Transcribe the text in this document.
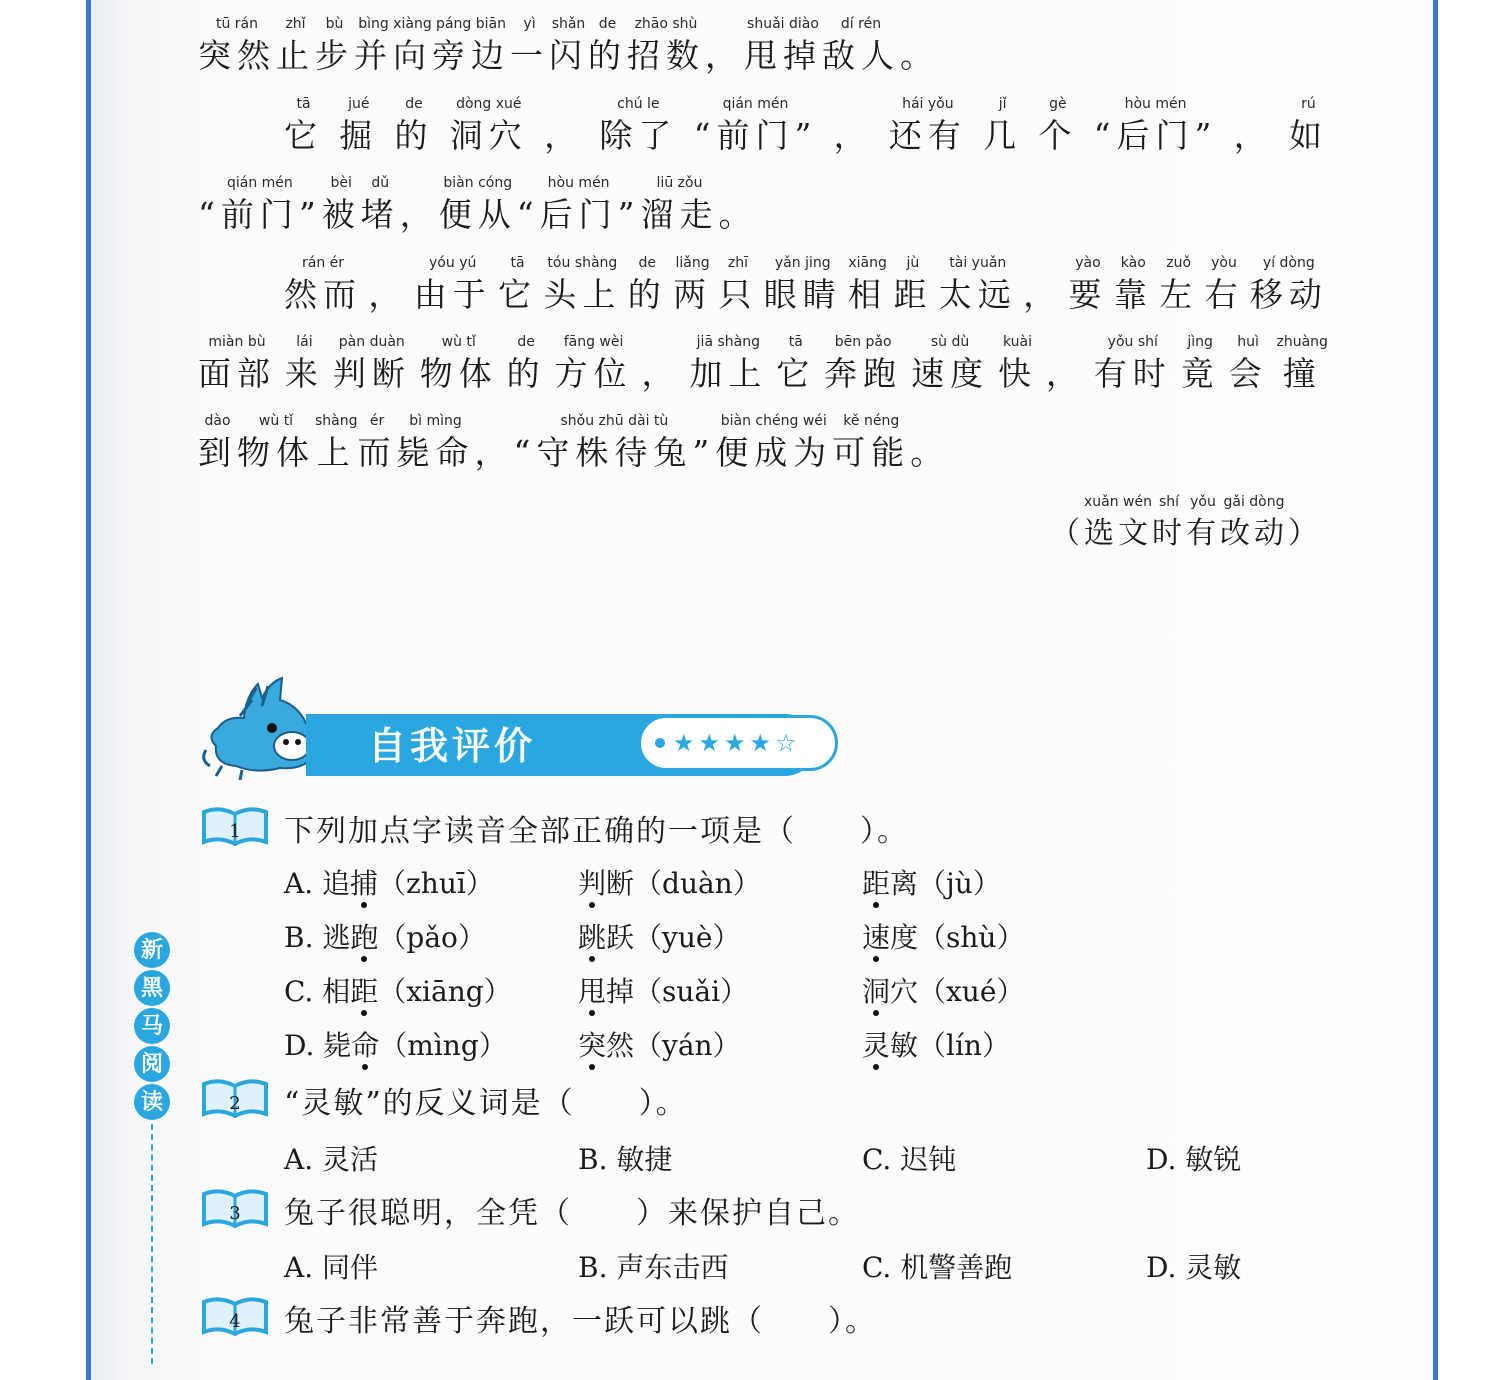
tū rán
突然
zhǐ
止
bù
步
bìng
并
xiàng
向
páng biān
旁边
yì
一
shǎn
闪
de
的
zhāo shù
招数 ，
shuǎi diào
甩掉
dí rén
敌人 。
tā
它
jué
掘
de
的
dòng xué
洞穴 ，
chú le
除了
qián mén
“前门” ，
hái yǒu
还有
jǐ
几
gè
个
hòu mén
“后门” ，
rú
如
qián mén
“前门”
bèi
被
dǔ
堵 ，
biàn cóng
便从
hòu mén
“后门”
liū zǒu
溜走 。
rán ér
然而 ，
yóu yú
由于
tā
它
tóu shàng
头上
de
的
liǎng
两
zhī
只
yǎn jing
眼睛
xiāng
相
jù
距
tài yuǎn
太远 ，
yào
要
kào
靠
zuǒ
左
yòu
右
yí dòng
移动
miàn bù
面部
lái
来
pàn duàn
判断
wù tǐ
物体
de
的
fāng wèi
方位 ，
jiā shàng
加上
tā
它
bēn pǎo
奔跑
sù dù
速度
kuài
快 ，
yǒu shí
有时
jìng
竟
huì
会
zhuàng
撞
dào
到
wù tǐ
物体
shàng
上
ér
而
bì mìng
毙命 ，
shǒu zhū dài tù
“守株待兔”
biàn chéng wéi
便成为
kě néng
可能 。
（
xuǎn wén
选文
shí
时
yǒu
有
gǎi dòng
改动 ）
自我评价	★★★★☆
1 下列加点字读音全部正确的一项是（　　）。
A. 追捕（zhuī）	判断（duàn）	距离（jù）
B. 逃跑（pǎo）	跳跃（yuè）	速度（shù）
C. 相距（xiāng） 甩掉（suǎi）	洞穴（xué）
D. 毙命（mìng）	突然（yán）	灵敏（lín）
2 “灵敏”的反义词是（　　）。
A. 灵活	B. 敏捷	C. 迟钝	D. 敏锐
3 兔子很聪明，全凭（　　）来保护自己。
A. 同伴	B. 声东击西	C. 机警善跑	D. 灵敏
4 兔子非常善于奔跑，一跃可以跳（　　）。
新
黑
马
阅
读
